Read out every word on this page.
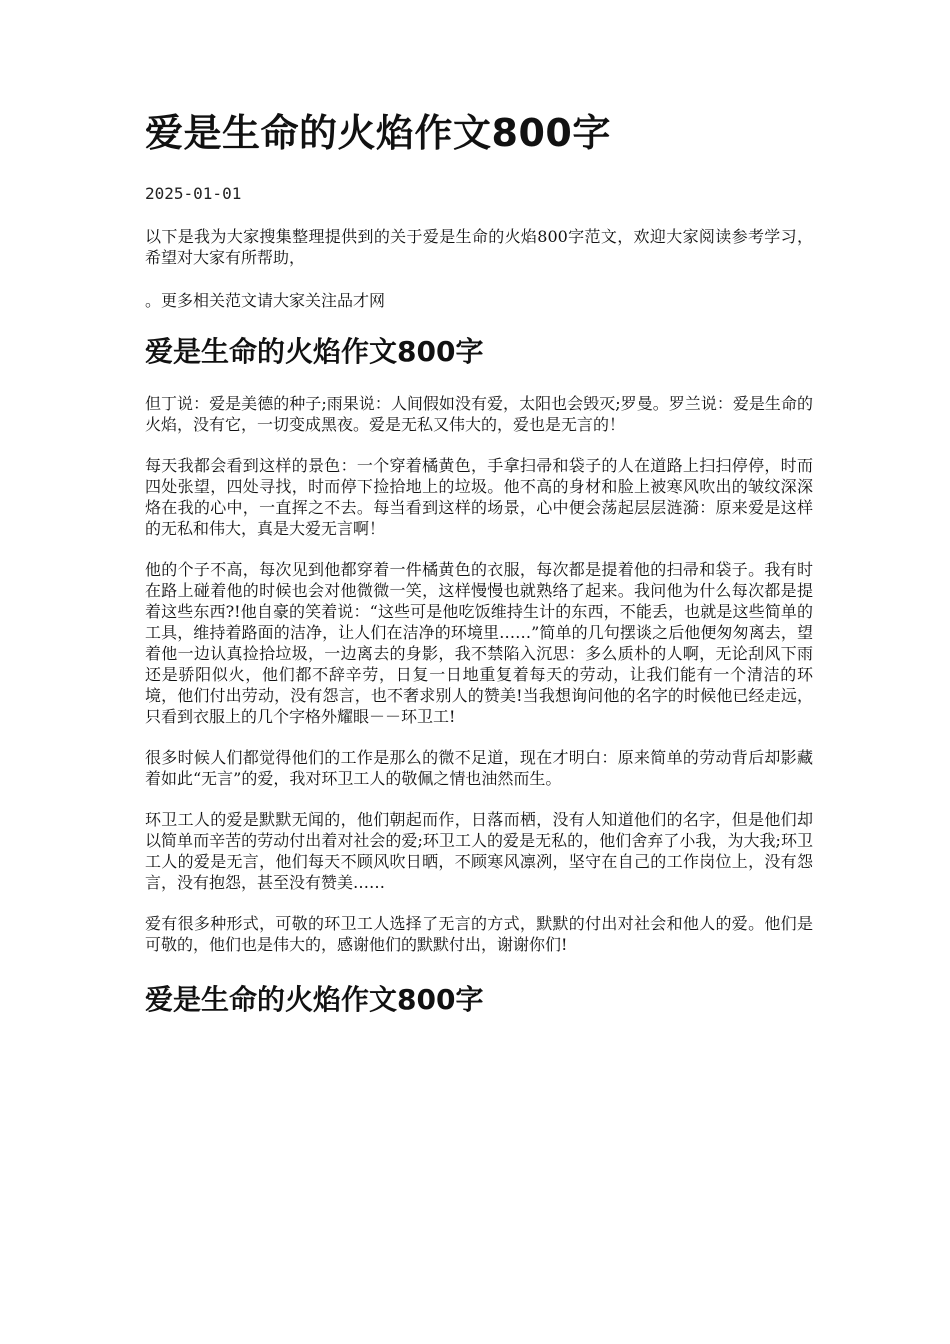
爱是生命的火焰作文800字
2025-01-01

以下是我为大家搜集整理提供到的关于爱是生命的火焰800字范文，欢迎大家阅读参考学习，希望对大家有所帮助，

。更多相关范文请大家关注品才网

爱是生命的火焰作文800字

但丁说：爱是美德的种子;雨果说：人间假如没有爱，太阳也会毁灭;罗曼。罗兰说：爱是生命的火焰，没有它，一切变成黑夜。爱是无私又伟大的，爱也是无言的！

每天我都会看到这样的景色：一个穿着橘黄色，手拿扫帚和袋子的人在道路上扫扫停停，时而四处张望，四处寻找，时而停下捡拾地上的垃圾。他不高的身材和脸上被寒风吹出的皱纹深深烙在我的心中，一直挥之不去。每当看到这样的场景，心中便会荡起层层涟漪：原来爱是这样的无私和伟大，真是大爱无言啊！

他的个子不高，每次见到他都穿着一件橘黄色的衣服，每次都是提着他的扫帚和袋子。我有时在路上碰着他的时候也会对他微微一笑，这样慢慢也就熟络了起来。我问他为什么每次都是提着这些东西?!他自豪的笑着说：“这些可是他吃饭维持生计的东西，不能丢，也就是这些简单的工具，维持着路面的洁净，让人们在洁净的环境里……”简单的几句摆谈之后他便匆匆离去，望着他一边认真捡拾垃圾，一边离去的身影，我不禁陷入沉思：多么质朴的人啊，无论刮风下雨还是骄阳似火，他们都不辞辛劳，日复一日地重复着每天的劳动，让我们能有一个清洁的环境，他们付出劳动，没有怨言，也不奢求别人的赞美!当我想询问他的名字的时候他已经走远，只看到衣服上的几个字格外耀眼－－环卫工!

很多时候人们都觉得他们的工作是那么的微不足道，现在才明白：原来简单的劳动背后却影藏着如此“无言”的爱，我对环卫工人的敬佩之情也油然而生。

环卫工人的爱是默默无闻的，他们朝起而作，日落而栖，没有人知道他们的名字，但是他们却以简单而辛苦的劳动付出着对社会的爱;环卫工人的爱是无私的，他们舍弃了小我，为大我;环卫工人的爱是无言，他们每天不顾风吹日晒，不顾寒风凛冽，坚守在自己的工作岗位上，没有怨言，没有抱怨，甚至没有赞美……

爱有很多种形式，可敬的环卫工人选择了无言的方式，默默的付出对社会和他人的爱。他们是可敬的，他们也是伟大的，感谢他们的默默付出，谢谢你们!

爱是生命的火焰作文800字
